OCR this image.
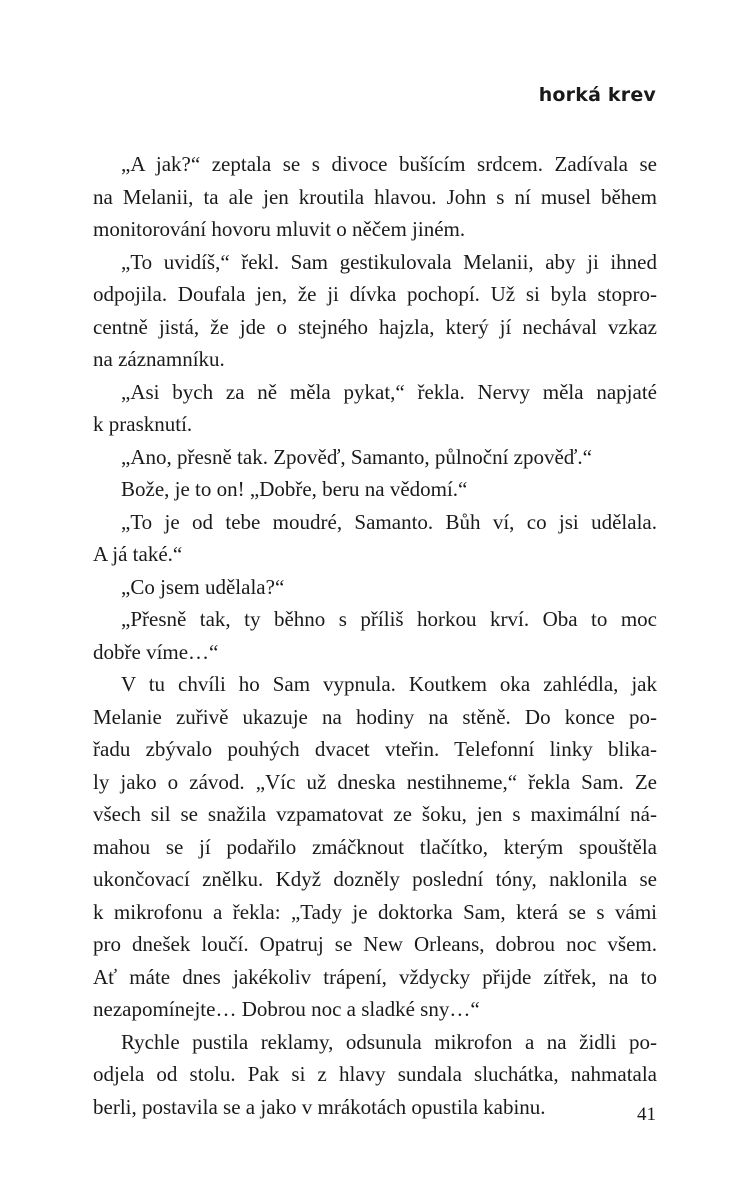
horká krev
„A jak?“ zeptala se s divoce bušícím srdcem. Zadívala se
na Melanii, ta ale jen kroutila hlavou. John s ní musel během
monitorování hovoru mluvit o něčem jiném.
„To uvidíš,“ řekl. Sam gestikulovala Melanii, aby ji ihned
odpojila. Doufala jen, že ji dívka pochopí. Už si byla stopro-
centně jistá, že jde o stejného hajzla, který jí nechával vzkaz
na záznamníku.
„Asi bych za ně měla pykat,“ řekla. Nervy měla napjaté
k prasknutí.
„Ano, přesně tak. Zpověď, Samanto, půlnoční zpověď.“
Bože, je to on! „Dobře, beru na vědomí.“
„To je od tebe moudré, Samanto. Bůh ví, co jsi udělala.
A já také.“
„Co jsem udělala?“
„Přesně tak, ty běhno s příliš horkou krví. Oba to moc
dobře víme…“
V tu chvíli ho Sam vypnula. Koutkem oka zahlédla, jak
Melanie zuřivě ukazuje na hodiny na stěně. Do konce po-
řadu zbývalo pouhých dvacet vteřin. Telefonní linky blika-
ly jako o závod. „Víc už dneska nestihneme,“ řekla Sam. Ze
všech sil se snažila vzpamatovat ze šoku, jen s maximální ná-
mahou se jí podařilo zmáčknout tlačítko, kterým spouštěla
ukončovací znělku. Když dozněly poslední tóny, naklonila se
k mikrofonu a řekla: „Tady je doktorka Sam, která se s vámi
pro dnešek loučí. Opatruj se New Orleans, dobrou noc všem.
Ať máte dnes jakékoliv trápení, vždycky přijde zítřek, na to
nezapomínejte… Dobrou noc a sladké sny…“
Rychle pustila reklamy, odsunula mikrofon a na židli po-
odjela od stolu. Pak si z hlavy sundala sluchátka, nahmatala
berli, postavila se a jako v mrákotách opustila kabinu.	41
